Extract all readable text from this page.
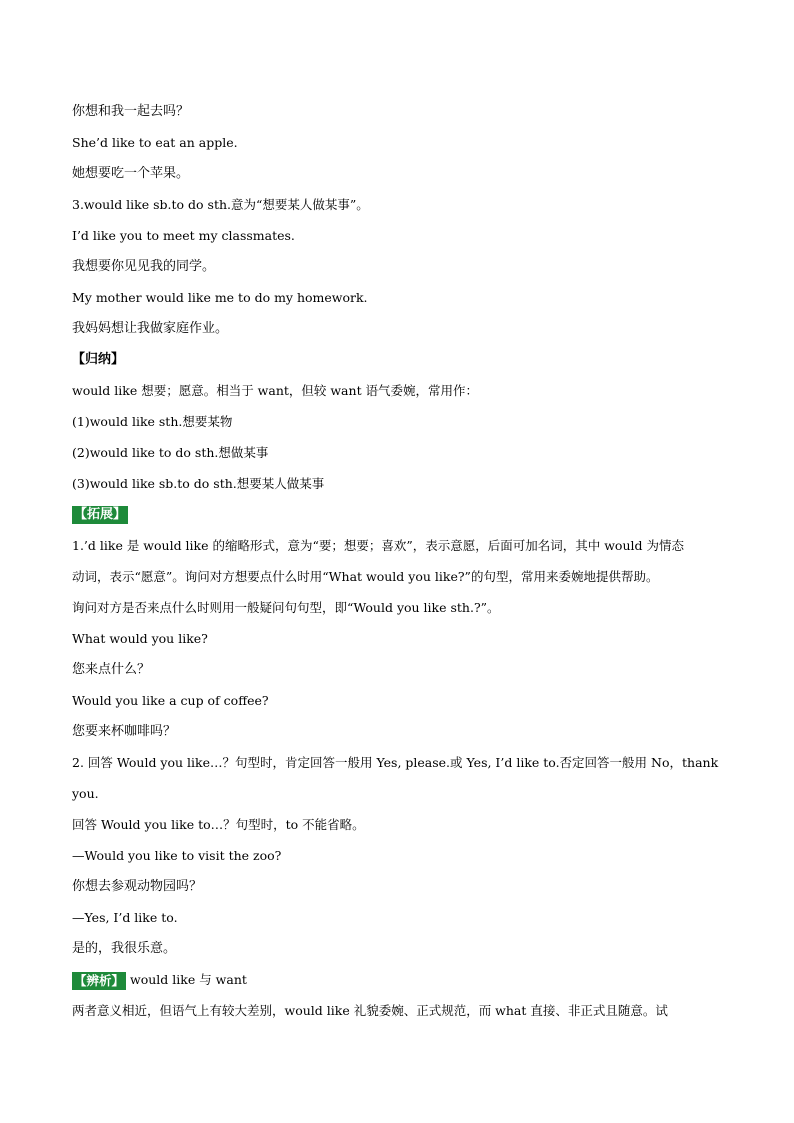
你想和我一起去吗？
She’d like to eat an apple.
她想要吃一个苹果。
3.would like sb.to do sth.意为“想要某人做某事”。
I’d like you to meet my classmates.
我想要你见见我的同学。
My mother would like me to do my homework.
我妈妈想让我做家庭作业。
【归纳】
would like 想要；愿意。相当于 want，但较 want 语气委婉，常用作：
(1)would like sth.想要某物
(2)would like to do sth.想做某事
(3)would like sb.to do sth.想要某人做某事
【拓展】
1.’d like 是 would like 的缩略形式，意为“要；想要；喜欢”，表示意愿，后面可加名词，其中 would 为情态
动词，表示“愿意”。询问对方想要点什么时用“What would you like?”的句型，常用来委婉地提供帮助。
询问对方是否来点什么时则用一般疑问句句型，即“Would you like sth.?”。
What would you like?
您来点什么？
Would you like a cup of coffee?
您要来杯咖啡吗？
2. 回答 Would you like…？句型时，肯定回答一般用 Yes, please.或 Yes, I’d like to.否定回答一般用 No，thank
you.
回答 Would you like to…？句型时，to 不能省略。
—Would you like to visit the zoo?
你想去参观动物园吗？
—Yes, I’d like to.
是的，我很乐意。
【辨析】 would like 与 want
两者意义相近，但语气上有较大差别，would like 礼貌委婉、正式规范，而 what 直接、非正式且随意。试
